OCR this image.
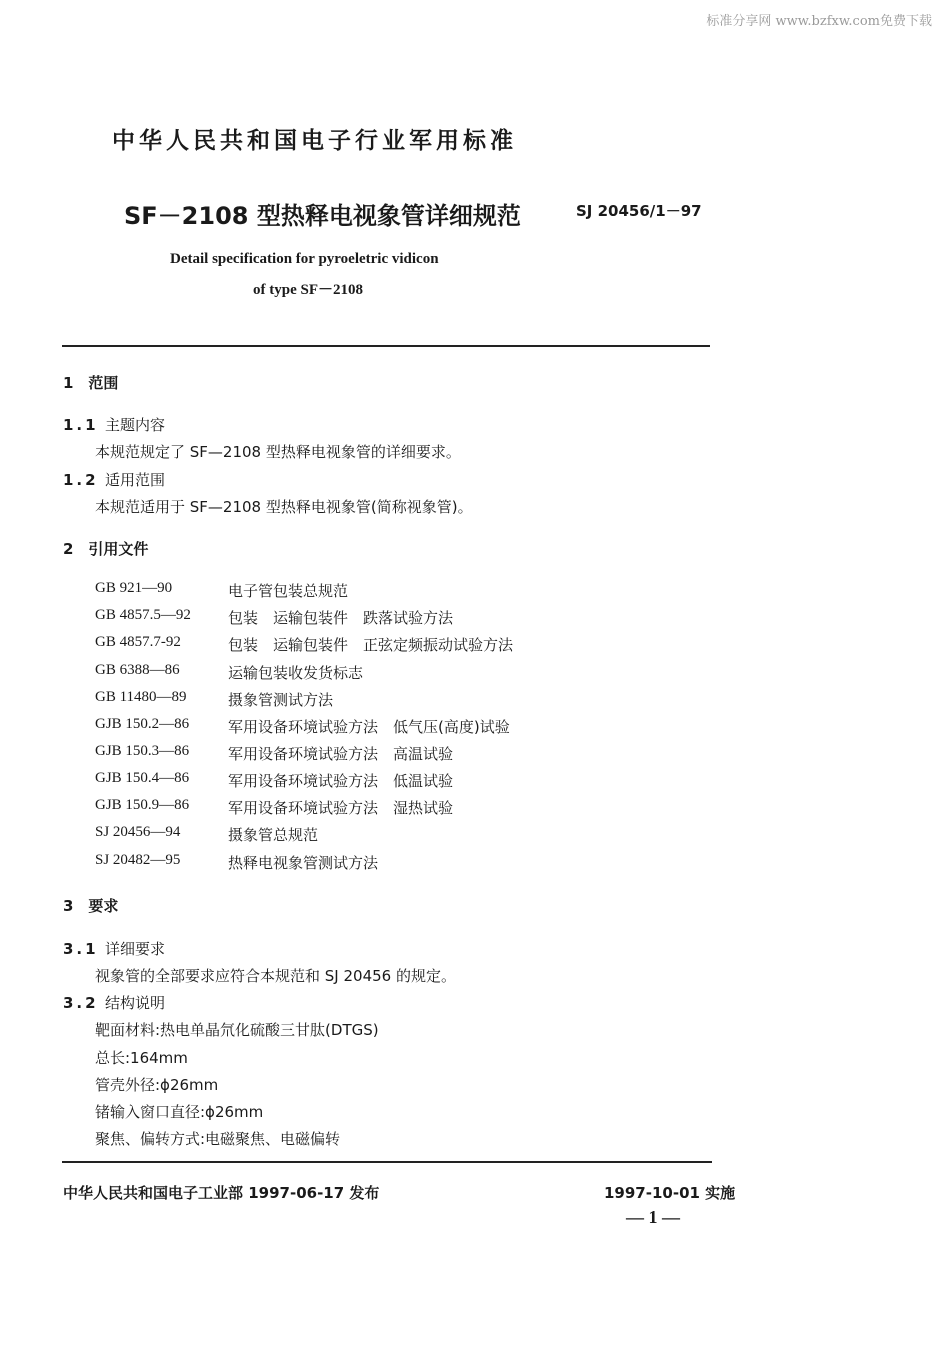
标准分享网 www.bzfxw.com免费下载
中华人民共和国电子行业军用标准
SF－2108 型热释电视象管详细规范	SJ 20456/1－97
Detail specification for pyroeletric vidicon
of type SF－2108
1　范围
1.1 主题内容
本规范规定了 SF—2108 型热释电视象管的详细要求。
1.2 适用范围
本规范适用于 SF—2108 型热释电视象管(简称视象管)。
2　引用文件
GB 921—90	电子管包装总规范
GB 4857.5—92 包装　运输包装件　跌落试验方法
GB 4857.7-92	包装　运输包装件　正弦定频振动试验方法
GB 6388—86	运输包装收发货标志
GB 11480—89	摄象管测试方法
GJB 150.2—86	军用设备环境试验方法　低气压(高度)试验
GJB 150.3—86	军用设备环境试验方法　高温试验
GJB 150.4—86	军用设备环境试验方法　低温试验
GJB 150.9—86	军用设备环境试验方法　湿热试验
SJ 20456—94	摄象管总规范
SJ 20482—95	热释电视象管测试方法
3　要求
3.1 详细要求
视象管的全部要求应符合本规范和 SJ 20456 的规定。
3.2 结构说明
靶面材料:热电单晶氘化硫酸三甘肽(DTGS)
总长:164mm
管壳外径:ϕ26mm
锗输入窗口直径:ϕ26mm
聚焦、偏转方式:电磁聚焦、电磁偏转
中华人民共和国电子工业部 1997-06-17 发布	1997-10-01 实施
— 1 —
